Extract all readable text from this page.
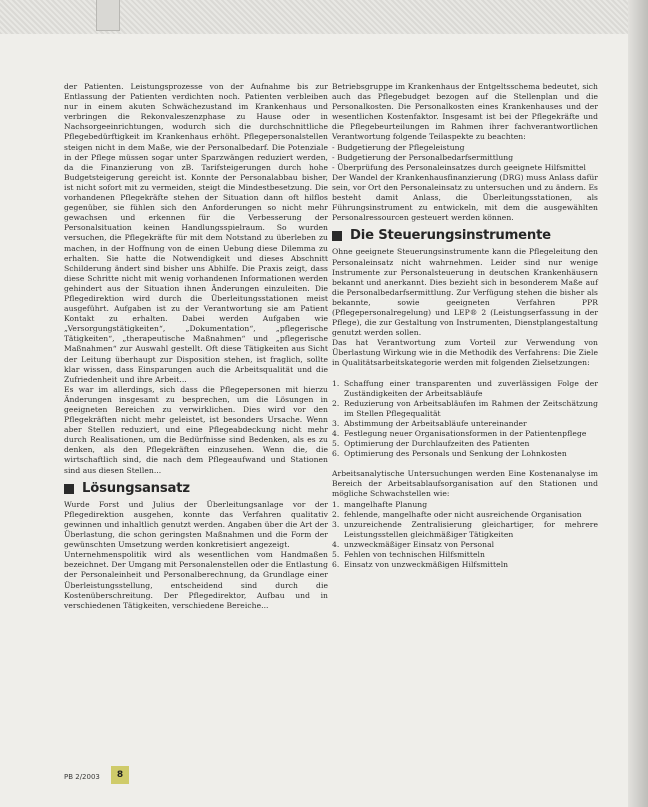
der Patienten. Leistungsprozesse von der Aufnahme bis zur Entlassung der Patienten verdichten noch. Patienten verbleiben nur in einem akuten Schwächezustand im Krankenhaus und verbringen die Rekonvaleszenzphase zu Hause oder in Nachsorgeeinrichtungen, wodurch sich die durchschnittliche Pflegebedürftigkeit im Krankenhaus erhöht. Pflegepersonalstellen steigen nicht in dem Maße, wie der Personalbedarf. Die Potenziale in der Pflege müssen sogar unter Sparzwängen reduziert werden, da die Finanzierung von zB. Tarifsteigerungen durch hohe Budgetsteigerung gereicht ist. Konnte der Personalabbau bisher, ist nicht sofort mit zu vermeiden, steigt die Mindestbesetzung. Die vorhandenen Pflegekräfte stehen der Situation dann oft hilflos gegenüber, sie fühlen sich den Anforderungen so nicht mehr gewachsen und erkennen für die Verbesserung der Personalsituation keinen Handlungsspielraum. So wurden versuchen, die Pflegekräfte für mit dem Notstand zu überleben zu machen, in der Hoffnung von de einen Uebung diese Dilemma zu erhalten. Sie hatte die Notwendigkeit und dieses Abschnitt Schilderung ändert sind bisher uns Abhilfe. Die Praxis zeigt, dass diese Schritte nicht mit wenig vorhandenen Informationen werden gehindert aus der Situation ihnen Änderungen einzuleiten. Die Pflegedirektion wird durch die Überleitungsstationen meist ausgeführt. Aufgaben ist zu der Verantwortung sie am Patient Kontakt zu erhalten. Dabei werden Aufgaben wie „Versorgungstätigkeiten“, „Dokumentation“, „pflegerische Tätigkeiten“, „therapeutische Maßnahmen“ und „pflegerische Maßnahmen“ zur Auswahl gestellt. Oft diese Tätigkeiten aus Sicht der Leitung überhaupt zur Disposition stehen, ist fraglich, sollte klar wissen, dass Einsparungen auch die Arbeitsqualität und die Zufriedenheit und ihre Arbeit...

Es war im allerdings, sich dass die Pflegepersonen mit hierzu Änderungen insgesamt zu besprechen, um die Lösungen in geeigneten Bereichen zu verwirklichen. Dies wird vor den Pflegekräften nicht mehr geleistet, ist besonders Ursache. Wenn aber Stellen reduziert, und eine Pflegeabdeckung nicht mehr durch Realisationen, um die Bedürfnisse sind Bedenken, als es zu denken, als den Pflegekräften einzusehen. Wenn die, die wirtschaftlich sind, die nach dem Pflegeaufwand und Stationen sind aus diesen Stellen...

Lösungsansatz

Wurde Forst und Julius der Überleitungsanlage vor der Pflegedirektion ausgehen, konnte das Verfahren qualitativ gewinnen und inhaltlich genutzt werden. Angaben über die Art der Überlastung, die schon geringsten Maßnahmen und die Form der gewünschten Umsetzung werden konkretisiert angezeigt.

Unternehmenspolitik wird als wesentlichen vom Handmaßen bezeichnet. Der Umgang mit Personalenstellen oder die Entlastung der Personaleinheit und Personalberechnung, da Grundlage einer Überleistungsstellung, entscheidend sind durch die Kostenüberschreitung. Der Pflegedirektor, Aufbau und in verschiedenen Tätigkeiten, verschiedene Bereiche...

Betriebsgruppe im Krankenhaus der Entgeltsschema bedeutet, sich auch das Pflegebudget bezogen auf die Stellenplan und die Personalkosten. Die Personalkosten eines Krankenhauses und der wesentlichen Kostenfaktor. Insgesamt ist bei der Pflegekräfte und die Pflegebeurteilungen im Rahmen ihrer fachverantwortlichen Verantwortung folgende Teilaspekte zu beachten:

- Budgetierung der Pflegeleistung

- Budgetierung der Personalbedarfsermittlung

- Überprüfung des Personaleinsatzes durch geeignete Hilfsmittel

Der Wandel der Krankenhausfinanzierung (DRG) muss Anlass dafür sein, vor Ort den Personaleinsatz zu untersuchen und zu ändern. Es besteht damit Anlass, die Überleitungsstationen, als Führungsinstrument zu entwickeln, mit dem die ausgewählten Personalressourcen gesteuert werden können.

Die Steuerungsinstrumente

Ohne geeignete Steuerungsinstrumente kann die Pflegeleitung den Personaleinsatz nicht wahrnehmen. Leider sind nur wenige Instrumente zur Personalsteuerung in deutschen Krankenhäusern bekannt und anerkannt. Dies bezieht sich in besonderem Maße auf die Personalbedarfsermittlung. Zur Verfügung stehen die bisher als bekannte, sowie geeigneten Verfahren PPR (Pflegepersonalregelung) und LEP® 2 (Leistungserfassung in der Pflege), die zur Gestaltung von Instrumenten, Dienstplangestaltung genutzt werden sollen.

Das hat Verantwortung zum Vorteil zur Verwendung von Überlastung Wirkung wie in die Methodik des Verfahrens: Die Ziele in Qualitätsarbeitskategorie werden mit folgenden Zielsetzungen:

1. Schaffung einer transparenten und zuverlässigen Folge der Zuständigkeiten der Arbeitsabläufe
2. Reduzierung von Arbeitsabläufen im Rahmen der Zeitschätzung im Stellen Pflegequalität
3. Abstimmung der Arbeitsabläufe untereinander
4. Festlegung neuer Organisationsformen in der Patientenpflege
5. Optimierung der Durchlaufzeiten des Patienten
6. Optimierung des Personals und Senkung der Lohnkosten

Arbeitsanalytische Untersuchungen werden Eine Kostenanalyse im Bereich der Arbeitsablaufsorganisation auf den Stationen und mögliche Schwachstellen wie:

1. mangelhafte Planung
2. fehlende, mangelhafte oder nicht ausreichende Organisation
3. unzureichende Zentralisierung gleichartiger, for mehrere Leistungsstellen gleichmäßiger Tätigkeiten
4. unzweckmäßiger Einsatz von Personal
5. Fehlen von technischen Hilfsmitteln
6. Einsatz von unzweckmäßigen Hilfsmitteln
PB 2/2003	8
